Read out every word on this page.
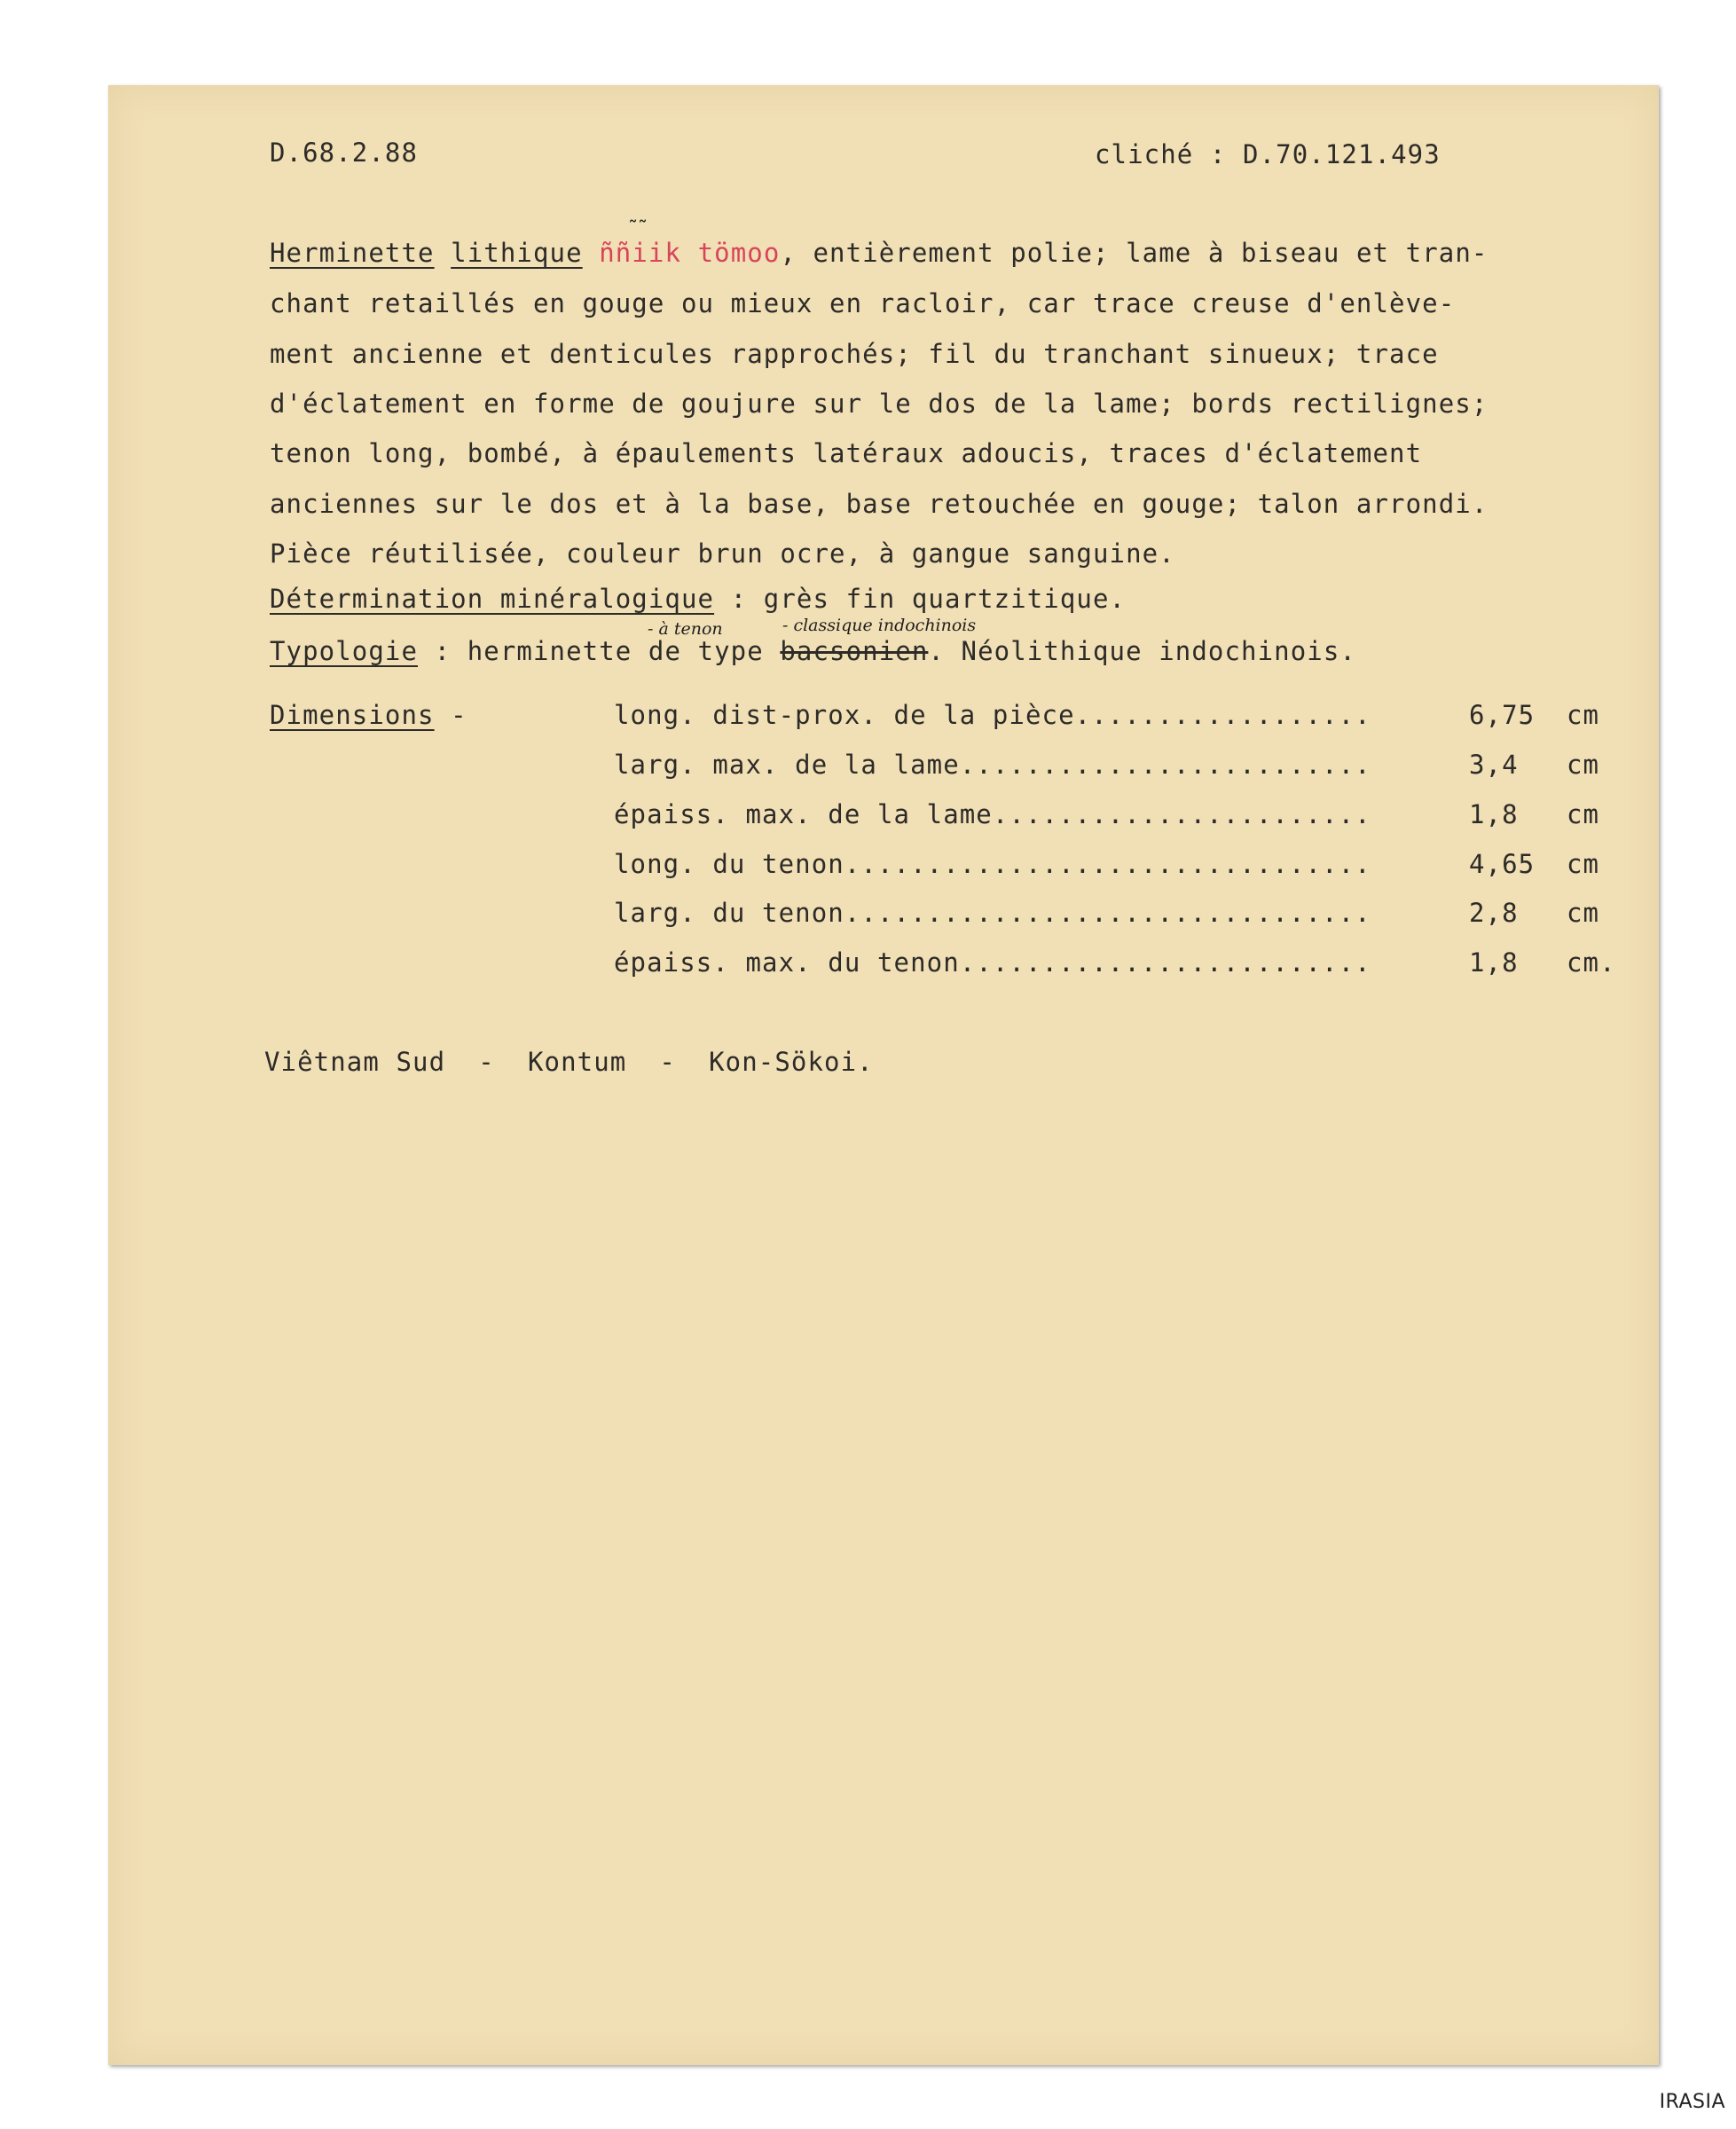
D.68.2.88	cliché : D.70.121.493
Herminette lithique ññiik tömoo, entièrement polie; lame à biseau et tran-
˜˜
chant retaillés en gouge ou mieux en racloir, car trace creuse d'enlève-
ment ancienne et denticules rapprochés; fil du tranchant sinueux; trace
d'éclatement en forme de goujure sur le dos de la lame; bords rectilignes;
tenon long, bombé, à épaulements latéraux adoucis, traces d'éclatement
anciennes sur le dos et à la base, base retouchée en gouge; talon arrondi.
Pièce réutilisée, couleur brun ocre, à gangue sanguine.
Détermination minéralogique : grès fin quartzitique.
- à tenon	- classique indochinois
Typologie : herminette de type bacsonien. Néolithique indochinois.
Dimensions -	long. dist-prox. de la pièce..................	6,75 cm
larg. max. de la lame.........................	3,4 cm
épaiss. max. de la lame.......................	1,8 cm
long. du tenon................................	4,65 cm
larg. du tenon................................	2,8 cm
épaiss. max. du tenon.........................	1,8 cm.
Viêtnam Sud  -  Kontum  -  Kon-Sökoi.
IRASIA
